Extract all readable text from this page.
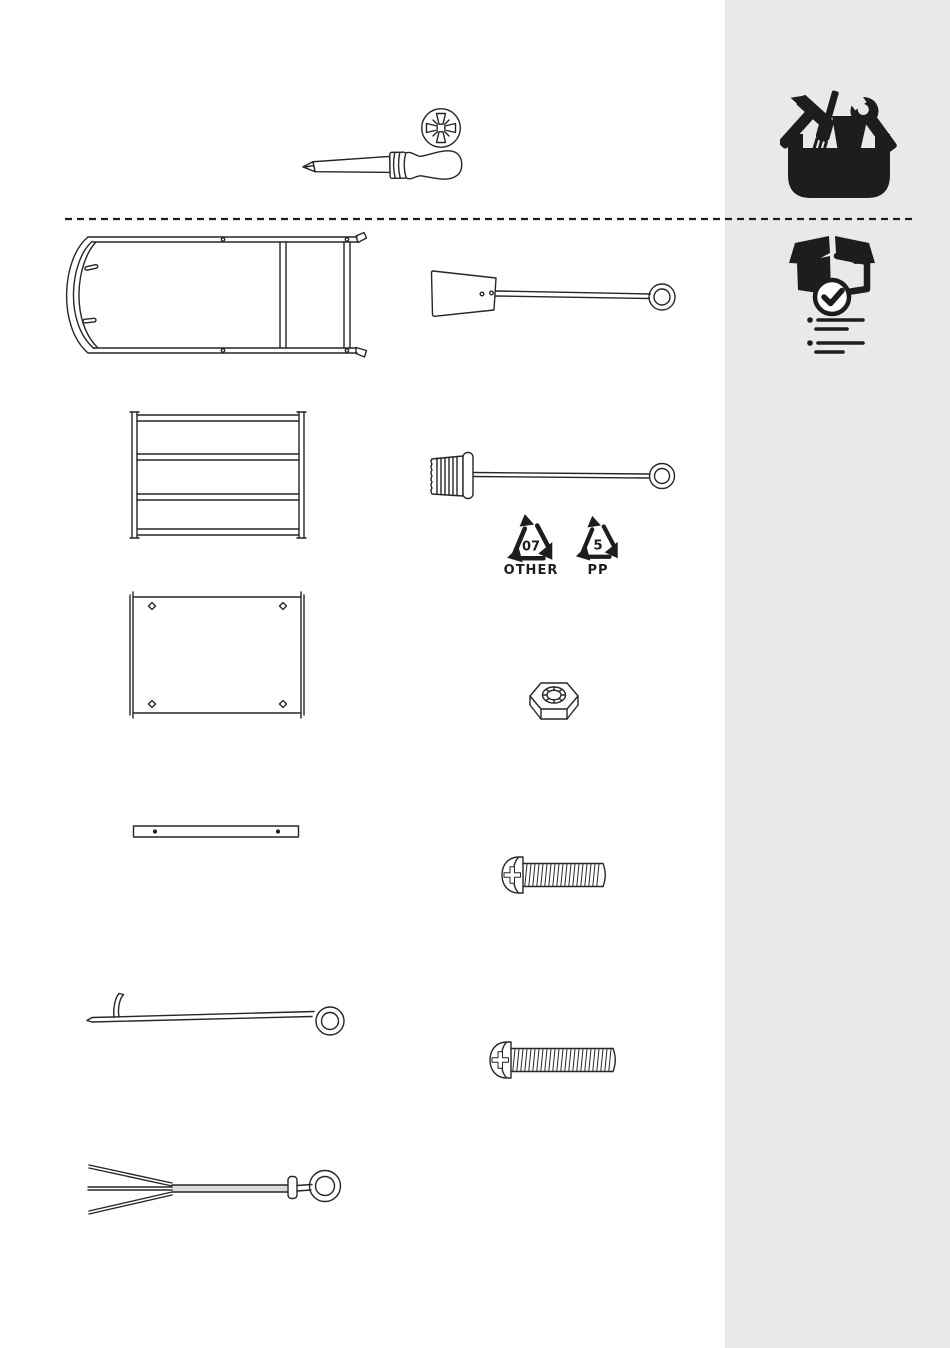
07
OTHER
5
PP
